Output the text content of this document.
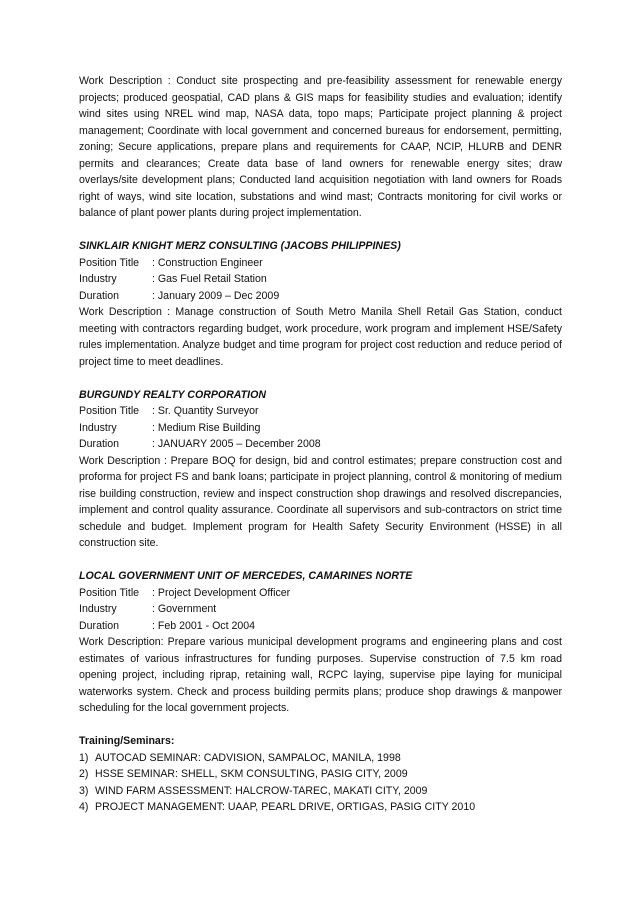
Work Description : Conduct site prospecting and pre-feasibility assessment for renewable energy projects; produced geospatial, CAD plans & GIS maps for feasibility studies and evaluation; identify wind sites using NREL wind map, NASA data, topo maps; Participate project planning & project management; Coordinate with local government and concerned bureaus for endorsement, permitting, zoning; Secure applications, prepare plans and requirements for CAAP, NCIP, HLURB and DENR permits and clearances; Create data base of land owners for renewable energy sites; draw overlays/site development plans; Conducted land acquisition negotiation with land owners for Roads right of ways, wind site location, substations and wind mast; Contracts monitoring for civil works or balance of plant power plants during project implementation.

SINKLAIR KNIGHT MERZ CONSULTING (JACOBS PHILIPPINES)

Position Title	: Construction Engineer
Industry	: Gas Fuel Retail Station
Duration	: January 2009 – Dec 2009

Work Description : Manage construction of South Metro Manila Shell Retail Gas Station, conduct meeting with contractors regarding budget, work procedure, work program and implement HSE/Safety rules implementation. Analyze budget and time program for project cost reduction and reduce period of project time to meet deadlines.

BURGUNDY REALTY CORPORATION

Position Title	: Sr. Quantity Surveyor
Industry	: Medium Rise Building
Duration	: JANUARY 2005 – December 2008

Work Description : Prepare BOQ for design, bid and control estimates; prepare construction cost and proforma for project FS and bank loans; participate in project planning, control & monitoring of medium rise building construction, review and inspect construction shop drawings and resolved discrepancies, implement and control quality assurance. Coordinate all supervisors and sub-contractors on strict time schedule and budget. Implement program for Health Safety Security Environment (HSSE) in all construction site.

LOCAL GOVERNMENT UNIT OF MERCEDES, CAMARINES NORTE

Position Title	: Project Development Officer
Industry	: Government
Duration	: Feb 2001 - Oct 2004

Work Description: Prepare various municipal development programs and engineering plans and cost estimates of various infrastructures for funding purposes. Supervise construction of 7.5 km road opening project, including riprap, retaining wall, RCPC laying, supervise pipe laying for municipal waterworks system. Check and process building permits plans; produce shop drawings & manpower scheduling for the local government projects.

Training/Seminars:

1) AUTOCAD SEMINAR: CADVISION, SAMPALOC, MANILA, 1998
2) HSSE SEMINAR: SHELL, SKM CONSULTING, PASIG CITY, 2009
3) WIND FARM ASSESSMENT: HALCROW-TAREC, MAKATI CITY, 2009
4) PROJECT MANAGEMENT: UAAP, PEARL DRIVE, ORTIGAS, PASIG CITY 2010
